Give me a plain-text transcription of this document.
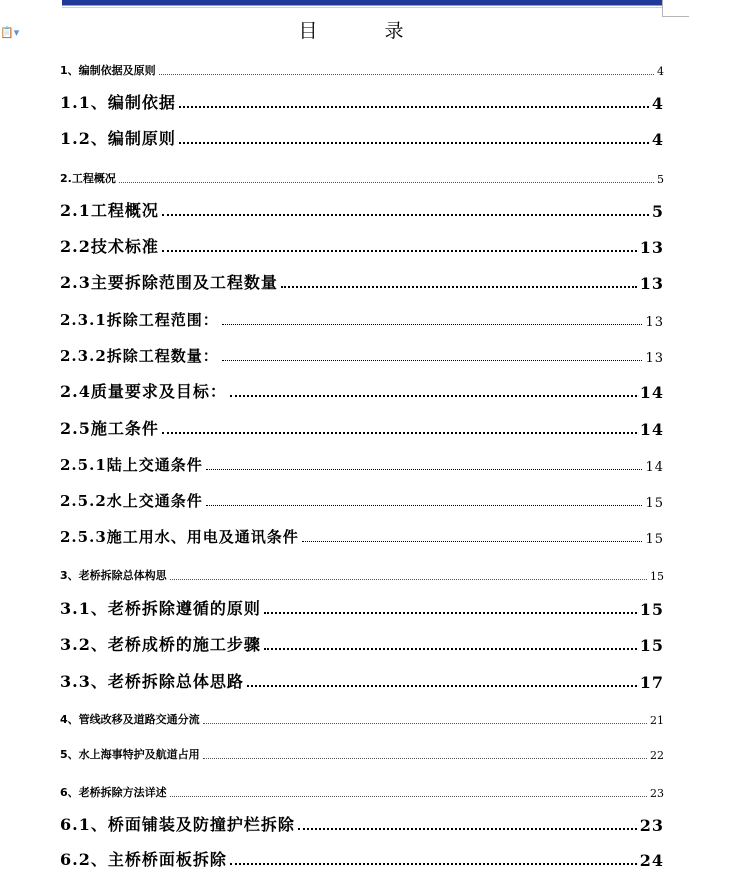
📋▾	目　录
1、编制依据及原则	4
1.1、编制依据	4
1.2、编制原则	4
2.工程概况	5
2.1工程概况	5
2.2技术标准	13
2.3主要拆除范围及工程数量	13
2.3.1拆除工程范围：	13
2.3.2拆除工程数量：	13
2.4质量要求及目标：	14
2.5施工条件	14
2.5.1陆上交通条件	14
2.5.2水上交通条件	15
2.5.3施工用水、用电及通讯条件	15
3、老桥拆除总体构思	15
3.1、老桥拆除遵循的原则	15
3.2、老桥成桥的施工步骤	15
3.3、老桥拆除总体思路	17
4、管线改移及道路交通分流	21
5、水上海事特护及航道占用	22
6、老桥拆除方法详述	23
6.1、桥面铺装及防撞护栏拆除	23
6.2、主桥桥面板拆除	24
